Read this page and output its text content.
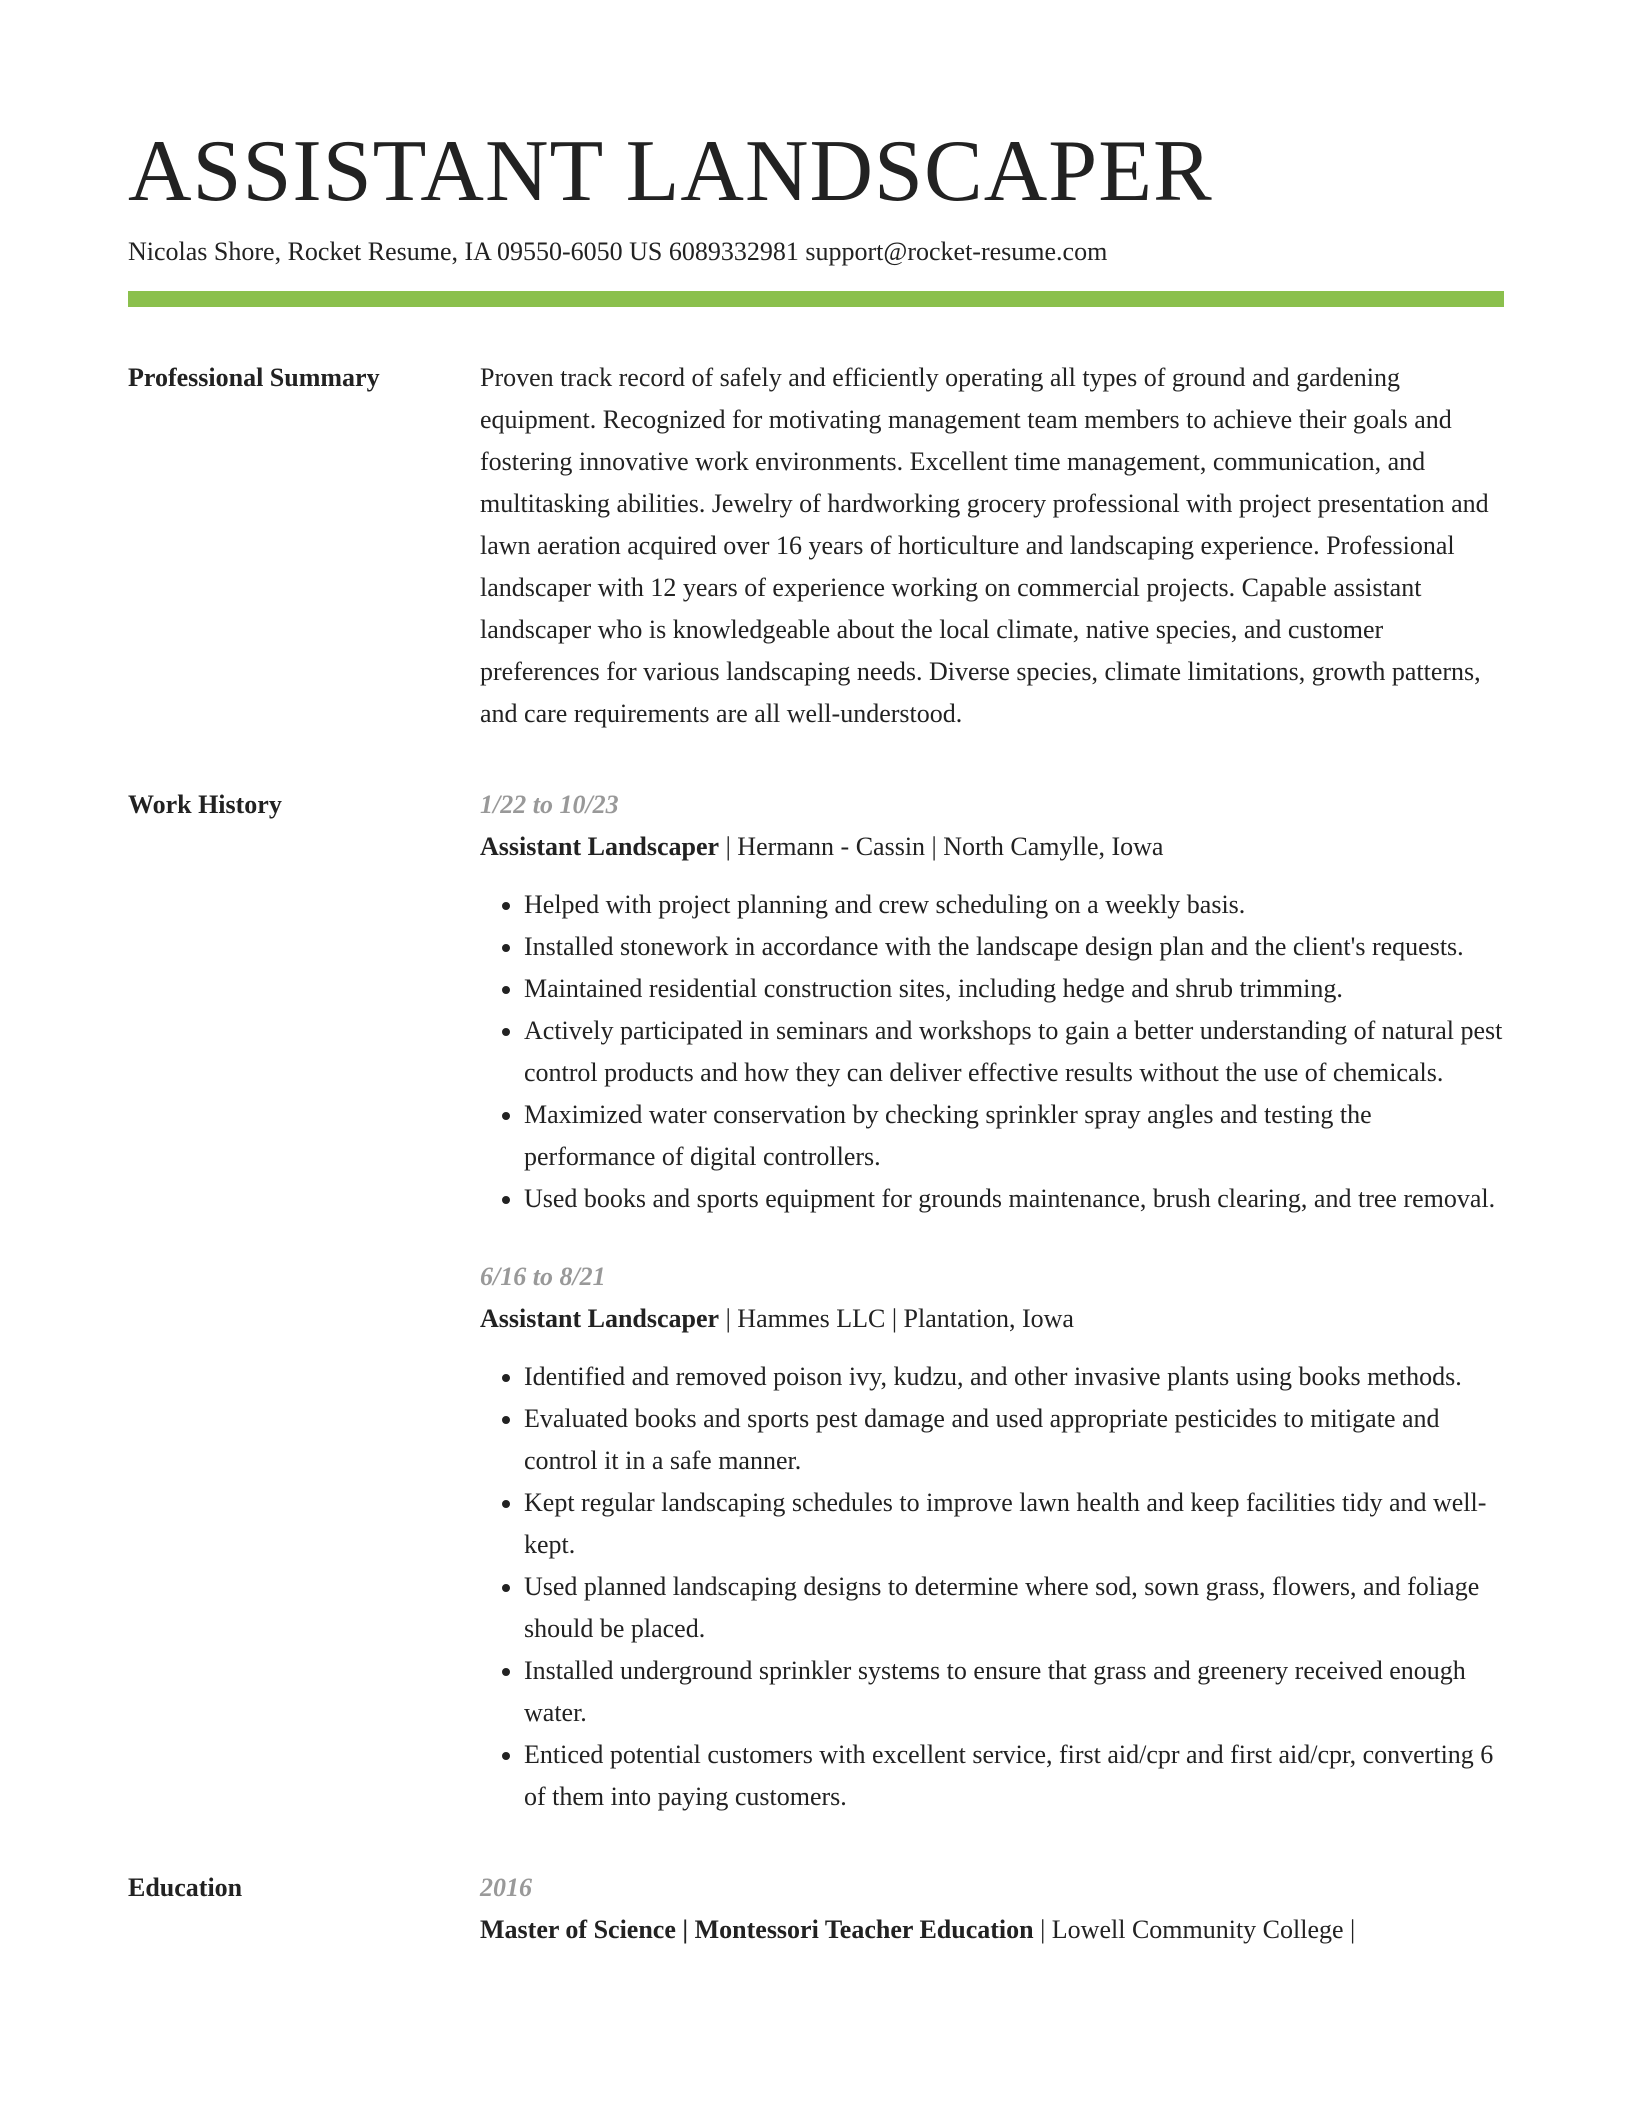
ASSISTANT LANDSCAPER
Nicolas Shore, Rocket Resume, IA 09550-6050 US 6089332981 support@rocket-resume.com
Professional Summary	Proven track record of safely and efficiently operating all types of ground and gardening equipment. Recognized for motivating management team members to achieve their goals and fostering innovative work environments. Excellent time management, communication, and multitasking abilities. Jewelry of hardworking grocery professional with project presentation and lawn aeration acquired over 16 years of horticulture and landscaping experience. Professional landscaper with 12 years of experience working on commercial projects. Capable assistant landscaper who is knowledgeable about the local climate, native species, and customer preferences for various landscaping needs. Diverse species, climate limitations, growth patterns, and care requirements are all well-understood.

Work History	1/22 to 10/23
Assistant Landscaper | Hermann - Cassin | North Camylle, Iowa
• Helped with project planning and crew scheduling on a weekly basis.
• Installed stonework in accordance with the landscape design plan and the client's requests.
• Maintained residential construction sites, including hedge and shrub trimming.
• Actively participated in seminars and workshops to gain a better understanding of natural pest control products and how they can deliver effective results without the use of chemicals.
• Maximized water conservation by checking sprinkler spray angles and testing the performance of digital controllers.
• Used books and sports equipment for grounds maintenance, brush clearing, and tree removal.
6/16 to 8/21
Assistant Landscaper | Hammes LLC | Plantation, Iowa
• Identified and removed poison ivy, kudzu, and other invasive plants using books methods.
• Evaluated books and sports pest damage and used appropriate pesticides to mitigate and control it in a safe manner.
• Kept regular landscaping schedules to improve lawn health and keep facilities tidy and well-kept.
• Used planned landscaping designs to determine where sod, sown grass, flowers, and foliage should be placed.
• Installed underground sprinkler systems to ensure that grass and greenery received enough water.
• Enticed potential customers with excellent service, first aid/cpr and first aid/cpr, converting 6 of them into paying customers.
Education	2016
Master of Science | Montessori Teacher Education | Lowell Community College |
